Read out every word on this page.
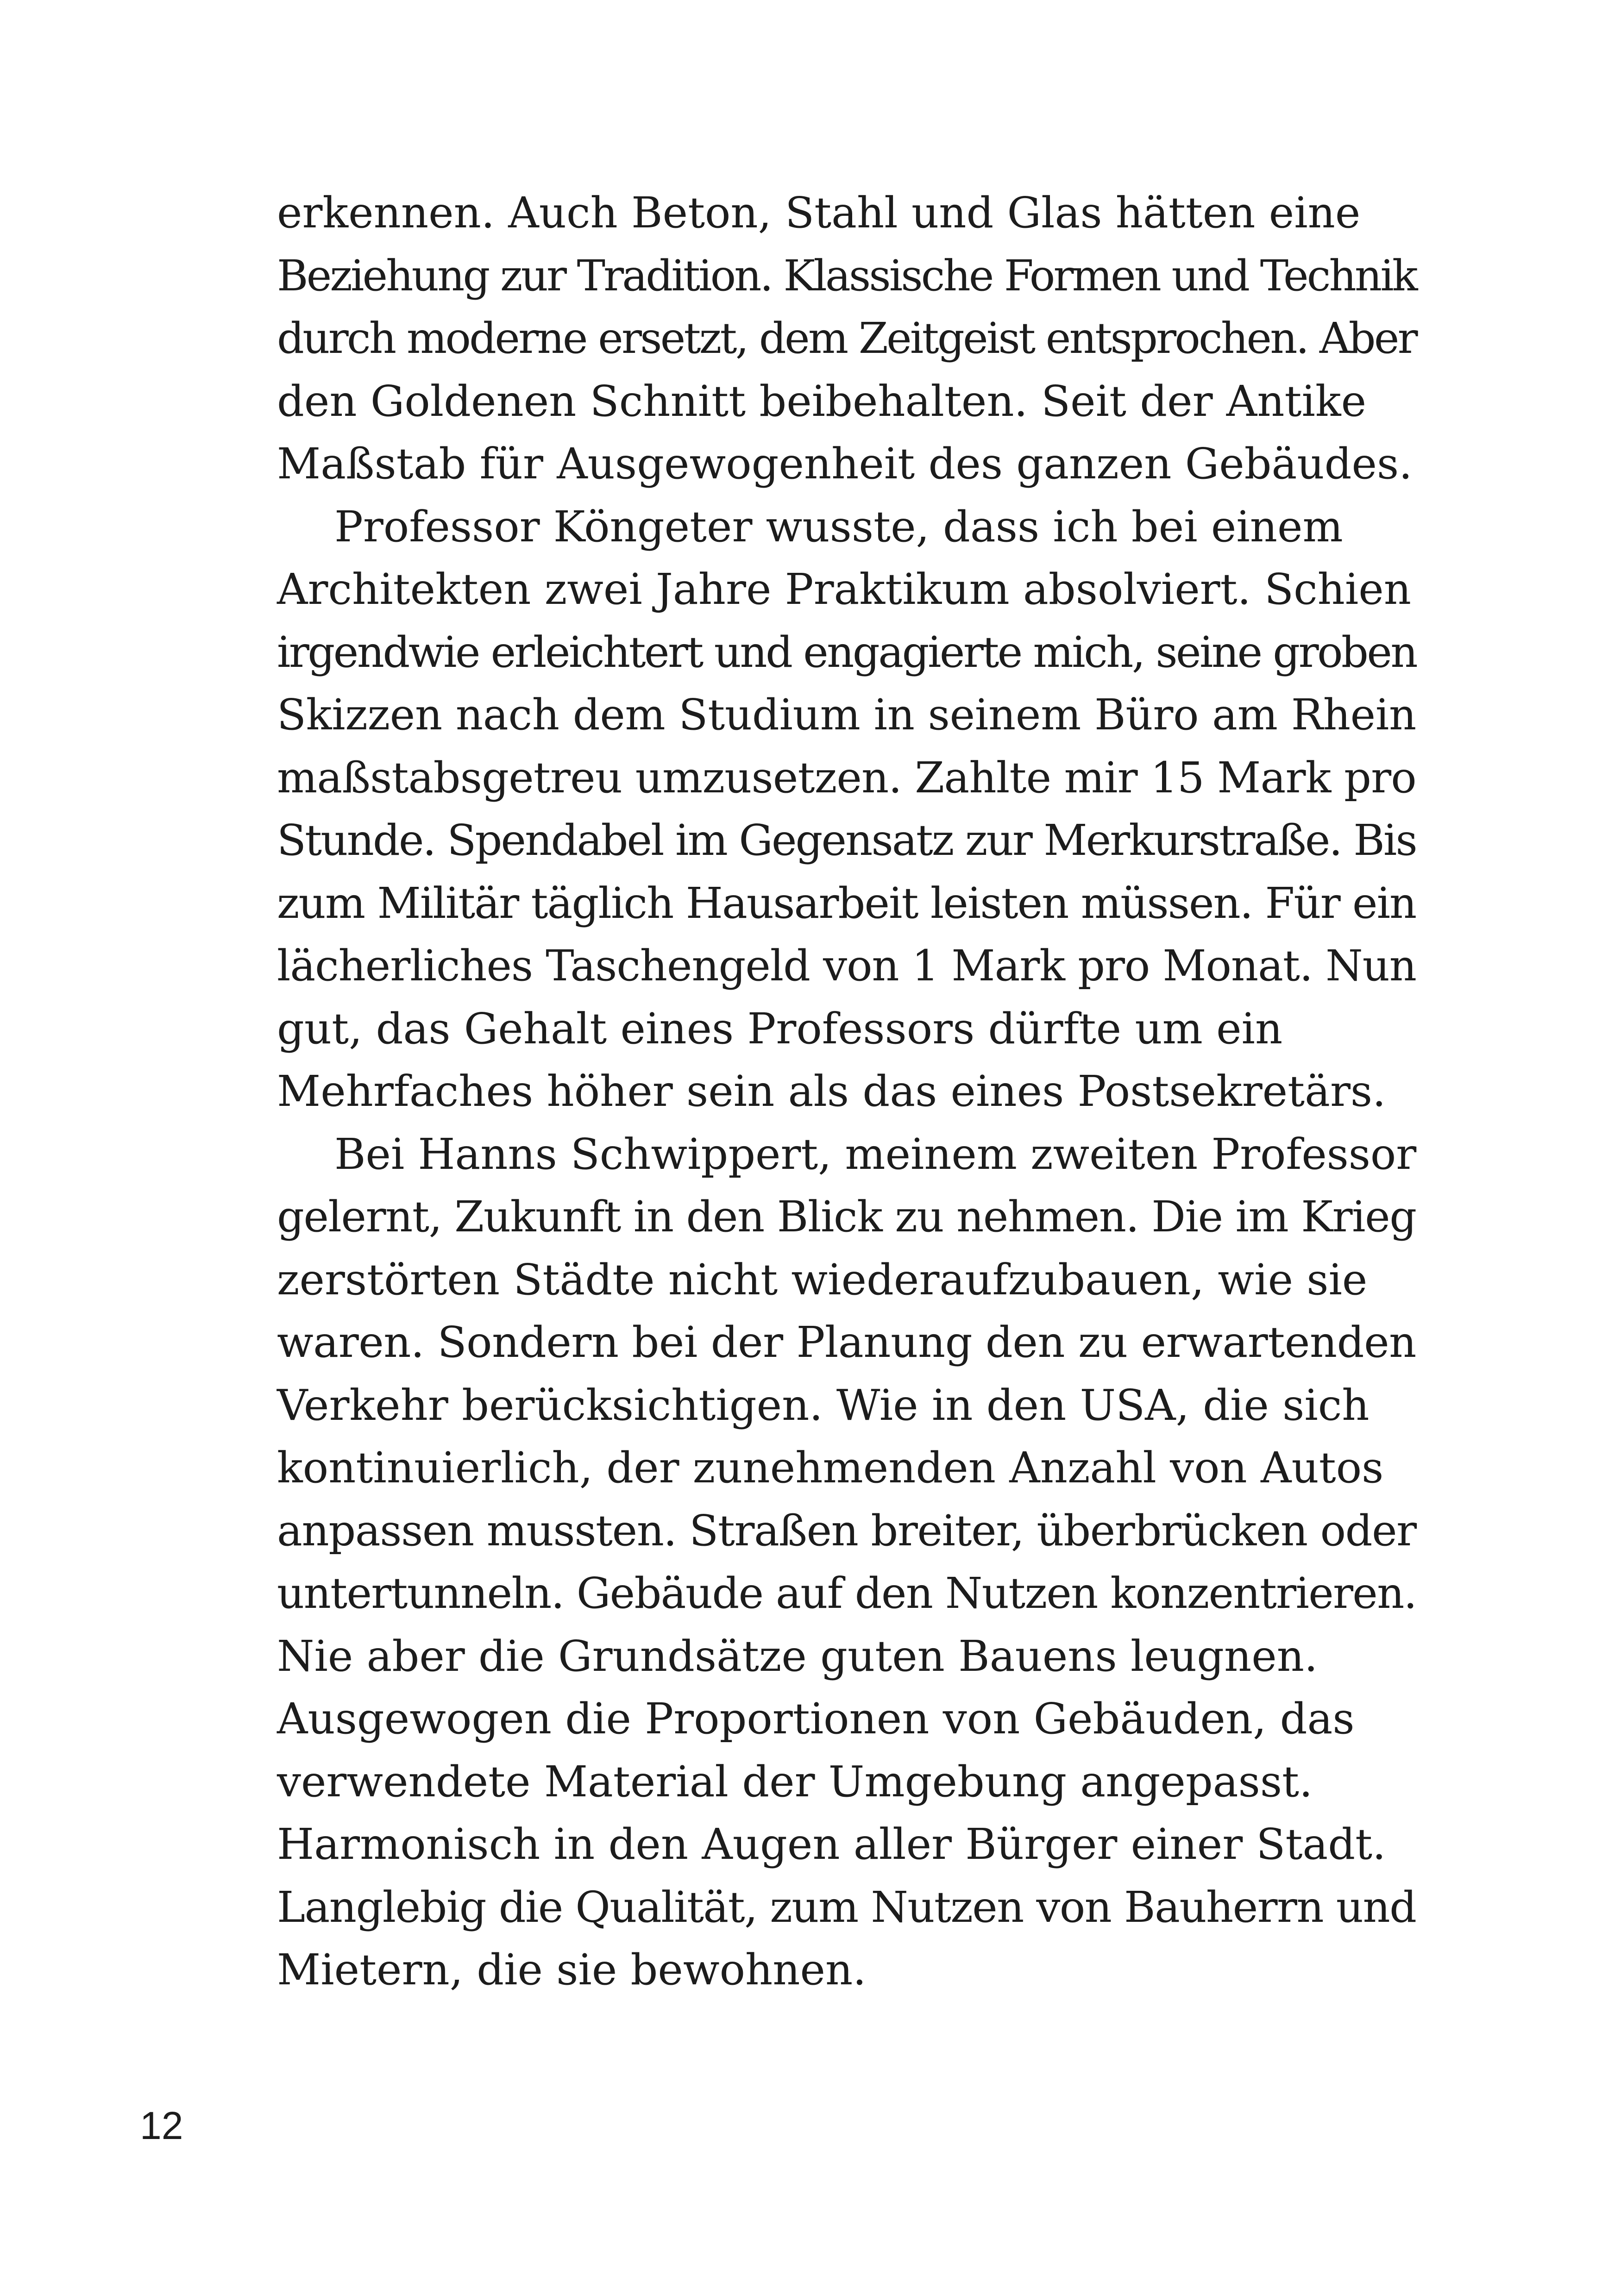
erkennen. Auch Beton, Stahl und Glas hätten eine
Beziehung zur Tradition. Klassische Formen und Technik
durch moderne ersetzt, dem Zeitgeist entsprochen. Aber
den Goldenen Schnitt beibehalten. Seit der Antike
Maßstab für Ausgewogenheit des ganzen Gebäudes.
Professor Köngeter wusste, dass ich bei einem
Architekten zwei Jahre Praktikum absolviert. Schien
irgendwie erleichtert und engagierte mich, seine groben
Skizzen nach dem Studium in seinem Büro am Rhein
maßstabsgetreu umzusetzen. Zahlte mir 15 Mark pro
Stunde. Spendabel im Gegensatz zur Merkurstraße. Bis
zum Militär täglich Hausarbeit leisten müssen. Für ein
lächerliches Taschengeld von 1 Mark pro Monat. Nun
gut, das Gehalt eines Professors dürfte um ein
Mehrfaches höher sein als das eines Postsekretärs.
Bei Hanns Schwippert, meinem zweiten Professor
gelernt, Zukunft in den Blick zu nehmen. Die im Krieg
zerstörten Städte nicht wiederaufzubauen, wie sie
waren. Sondern bei der Planung den zu erwartenden
Verkehr berücksichtigen. Wie in den USA, die sich
kontinuierlich, der zunehmenden Anzahl von Autos
anpassen mussten. Straßen breiter, überbrücken oder
untertunneln. Gebäude auf den Nutzen konzentrieren.
Nie aber die Grundsätze guten Bauens leugnen.
Ausgewogen die Proportionen von Gebäuden, das
verwendete Material der Umgebung angepasst.
Harmonisch in den Augen aller Bürger einer Stadt.
Langlebig die Qualität, zum Nutzen von Bauherrn und
Mietern, die sie bewohnen.
12
